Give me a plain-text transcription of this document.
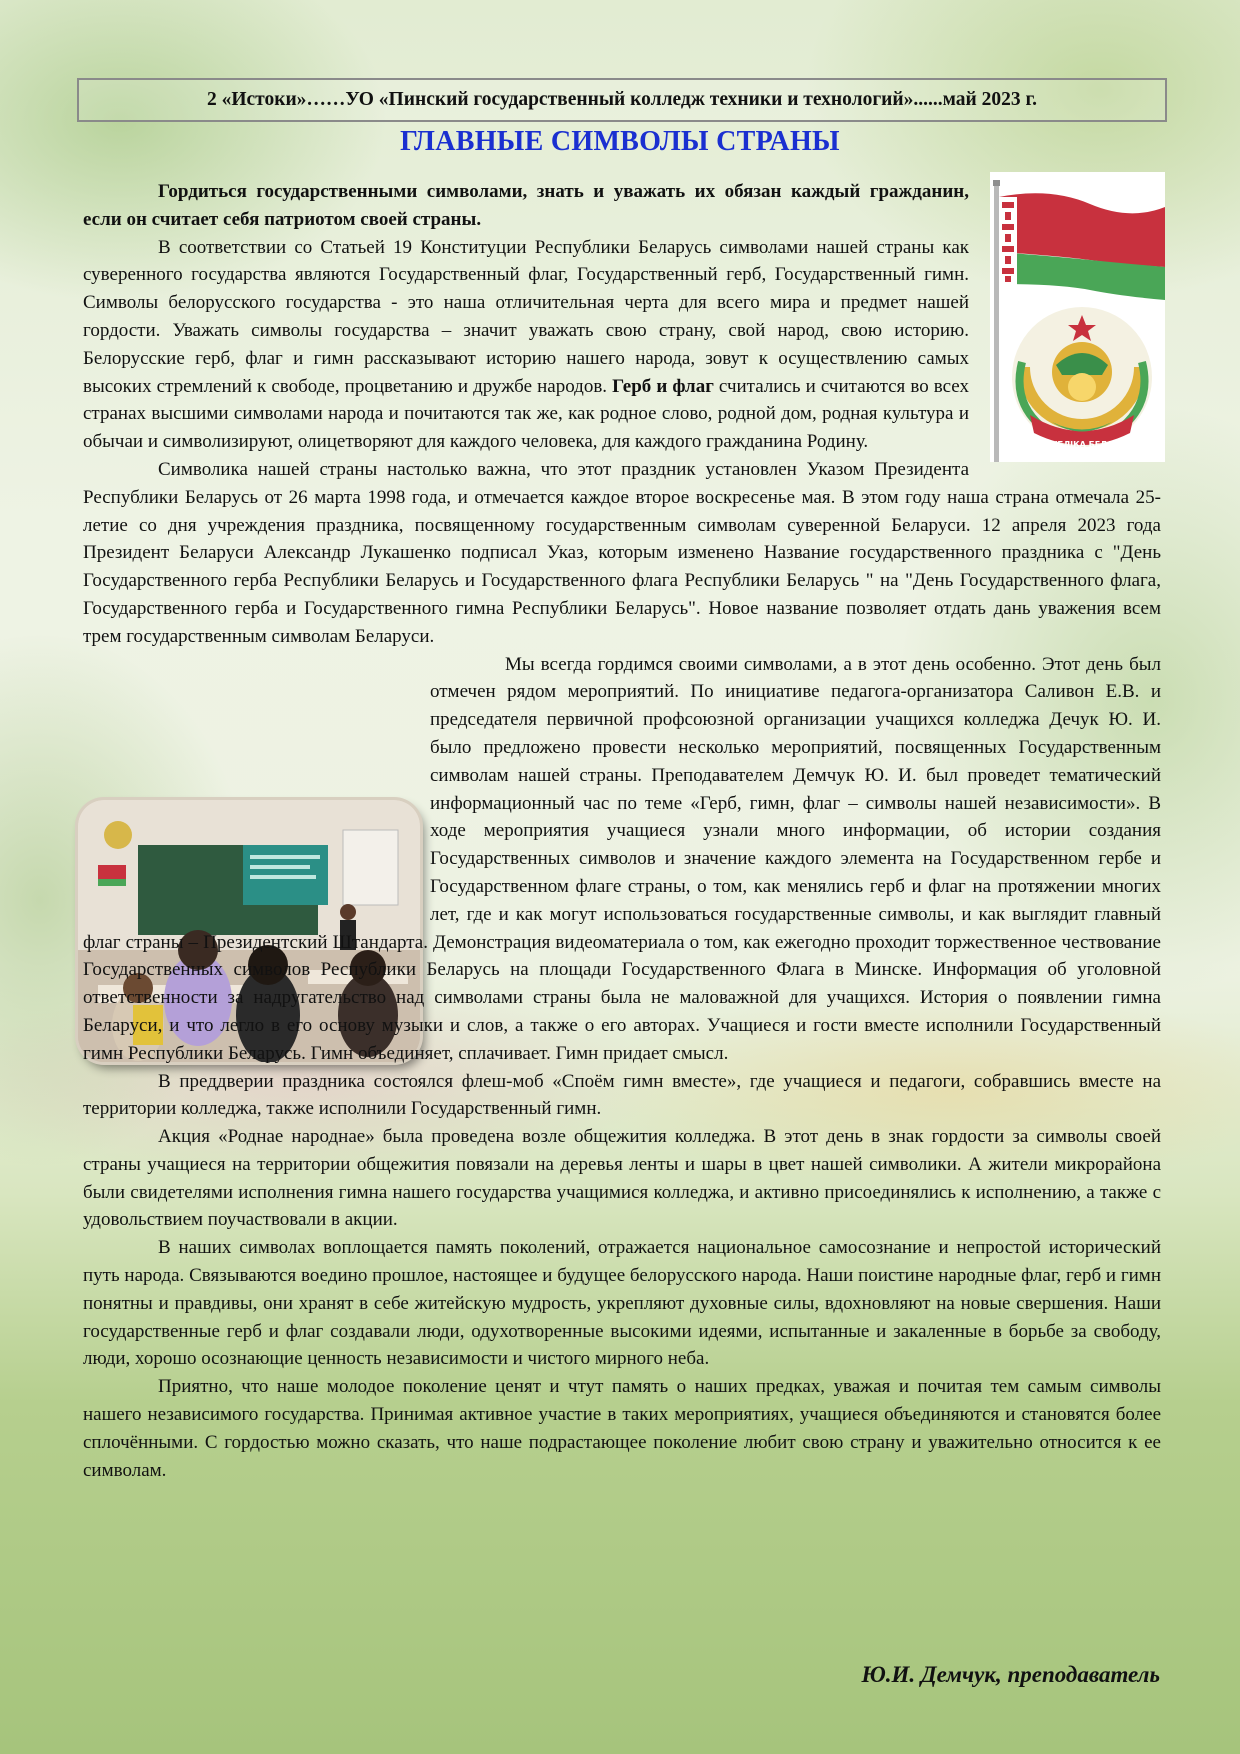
2 «Истоки»……УО «Пинский государственный колледж техники и технологий»......май 2023 г.
ГЛАВНЫЕ СИМВОЛЫ СТРАНЫ
РЭСПУБЛІКА БЕЛАРУСЬ

Гордиться государственными символами, знать и уважать их обязан каждый гражданин, если он считает себя патриотом своей страны.

В соответствии со Статьей 19 Конституции Республики Беларусь символами нашей страны как суверенного государства являются Государственный флаг, Государственный герб, Государственный гимн. Символы белорусского государства - это наша отличительная черта для всего мира и предмет нашей гордости. Уважать символы государства – значит уважать свою страну, свой народ, свою историю. Белорусские герб, флаг и гимн рассказывают историю нашего народа, зовут к осуществлению самых высоких стремлений к свободе, процветанию и дружбе народов. Герб и флаг считались и считаются во всех странах высшими символами народа и почитаются так же, как родное слово, родной дом, родная культура и обычаи и символизируют, олицетворяют для каждого человека, для каждого гражданина Родину.

Символика нашей страны настолько важна, что этот праздник установлен Указом Президента Республики Беларусь от 26 марта 1998 года, и отмечается каждое второе воскресенье мая. В этом году наша страна отмечала 25-летие со дня учреждения праздника, посвященному государственным символам суверенной Беларуси. 12 апреля 2023 года Президент Беларуси Александр Лукашенко подписал Указ, которым изменено Название государственного праздника с "День Государственного герба Республики Беларусь и Государственного флага Республики Беларусь " на "День Государственного флага, Государственного герба и Государственного гимна Республики Беларусь". Новое название позволяет отдать дань уважения всем трем государственным символам Беларуси.

Мы всегда гордимся своими символами, а в этот день особенно. Этот день был отмечен рядом мероприятий. По инициативе педагога-организатора Саливон Е.В. и председателя первичной профсоюзной организации учащихся колледжа Дечук Ю. И. было предложено провести несколько мероприятий, посвященных Государственным символам нашей страны. Преподавателем Демчук Ю. И. был проведет тематический информационный час по теме «Герб, гимн, флаг – символы нашей независимости». В ходе мероприятия учащиеся узнали много информации, об истории создания Государственных символов и значение каждого элемента на Государственном гербе и Государственном флаге страны, о том, как менялись герб и флаг на протяжении многих лет, где и как могут использоваться государственные символы, и как выглядит главный флаг страны – Президентский Штандарта. Демонстрация видеоматериала о том, как ежегодно проходит торжественное чествование Государственных символов Республики Беларусь на площади Государственного Флага в Минске. Информация об уголовной ответственности за надругательство над символами страны была не маловажной для учащихся. История о появлении гимна Беларуси, и что легло в его основу музыки и слов, а также о его авторах. Учащиеся и гости вместе исполнили Государственный гимн Республики Беларусь. Гимн объединяет, сплачивает. Гимн придает смысл.

В преддверии праздника состоялся флеш-моб «Споём гимн вместе», где учащиеся и педагоги, собравшись вместе на территории колледжа, также исполнили Государственный гимн.

Акция «Роднае народнае» была проведена возле общежития колледжа. В этот день в знак гордости за символы своей страны учащиеся на территории общежития повязали на деревья ленты и шары в цвет нашей символики. А жители микрорайона были свидетелями исполнения гимна нашего государства учащимися колледжа, и активно присоединялись к исполнению, а также с удовольствием поучаствовали в акции.

В наших символах воплощается память поколений, отражается национальное самосознание и непростой исторический путь народа. Связываются воедино прошлое, настоящее и будущее белорусского народа. Наши поистине народные флаг, герб и гимн понятны и правдивы, они хранят в себе житейскую мудрость, укрепляют духовные силы, вдохновляют на новые свершения. Наши государственные герб и флаг создавали люди, одухотворенные высокими идеями, испытанные и закаленные в борьбе за свободу, люди, хорошо осознающие ценность независимости и чистого мирного неба.

Приятно, что наше молодое поколение ценят и чтут память о наших предках, уважая и почитая тем самым символы нашего независимого государства. Принимая активное участие в таких мероприятиях, учащиеся объединяются и становятся более сплочёнными. С гордостью можно сказать, что наше подрастающее поколение любит свою страну и уважительно относится к ее символам.

Ю.И. Демчук, преподаватель
